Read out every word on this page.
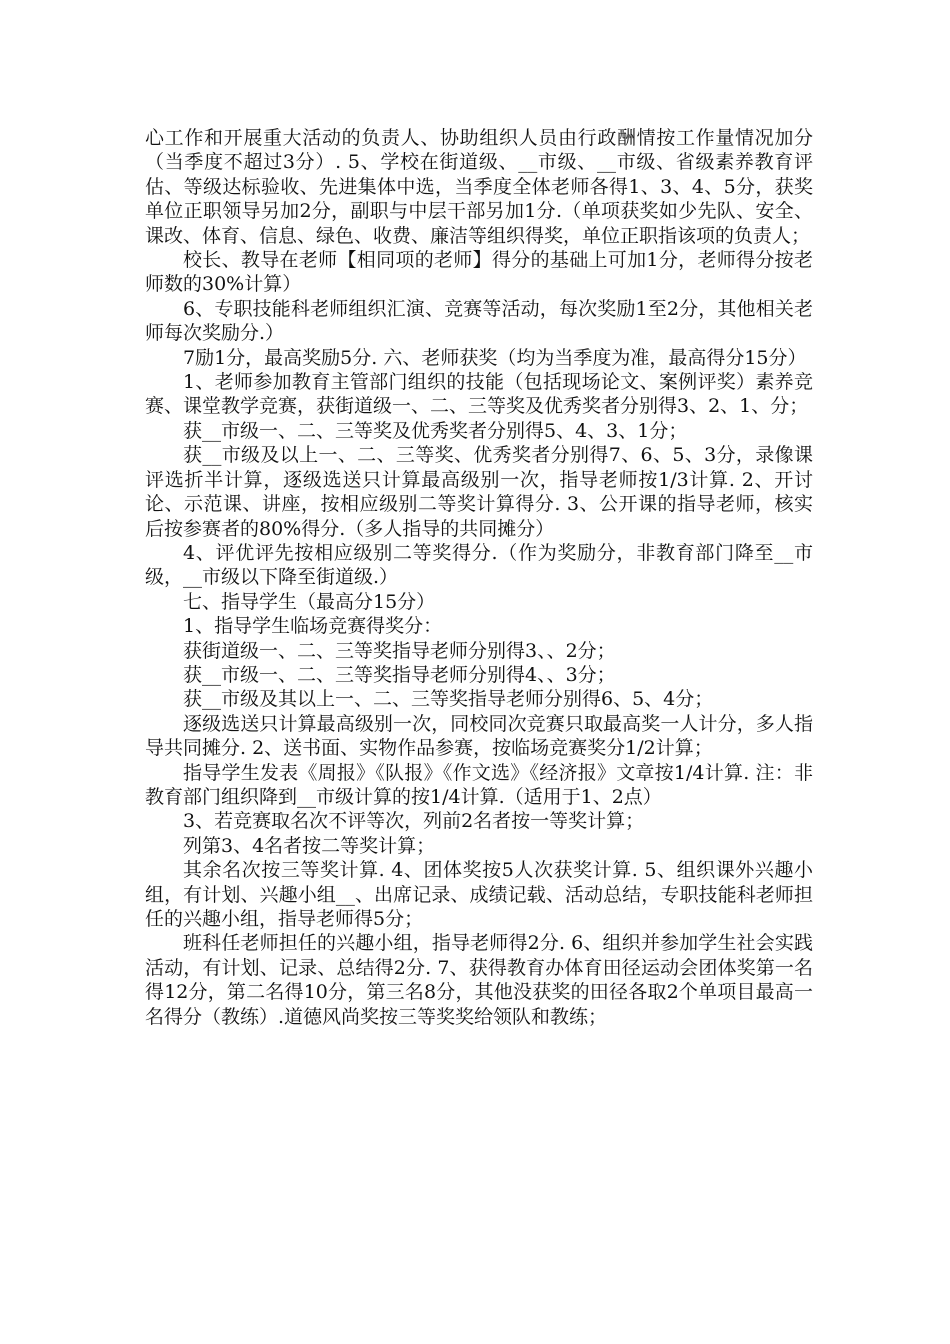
心工作和开展重大活动的负责人、协助组织人员由行政酬情按工作量情况加分（当季度不超过3分）. 5、学校在街道级、__市级、__市级、省级素养教育评估、等级达标验收、先进集体中选，当季度全体老师各得1、3、4、5分，获奖单位正职领导另加2分，副职与中层干部另加1分.（单项获奖如少先队、安全、课改、体育、信息、绿色、收费、廉洁等组织得奖，单位正职指该项的负责人；

校长、教导在老师【相同项的老师】得分的基础上可加1分，老师得分按老师数的30%计算）

6、专职技能科老师组织汇演、竞赛等活动，每次奖励1至2分，其他相关老师每次奖励分.）

7励1分，最高奖励5分. 六、老师获奖（均为当季度为准，最高得分15分）

1、老师参加教育主管部门组织的技能（包括现场论文、案例评奖）素养竞赛、课堂教学竞赛，获街道级一、二、三等奖及优秀奖者分别得3、2、1、分；

获__市级一、二、三等奖及优秀奖者分别得5、4、3、1分；

获__市级及以上一、二、三等奖、优秀奖者分别得7、6、5、3分，录像课评选折半计算，逐级选送只计算最高级别一次，指导老师按1/3计算. 2、开讨论、示范课、讲座，按相应级别二等奖计算得分. 3、公开课的指导老师，核实后按参赛者的80%得分.（多人指导的共同摊分）

4、评优评先按相应级别二等奖得分.（作为奖励分，非教育部门降至__市级，__市级以下降至街道级.）

七、指导学生（最高分15分）

1、指导学生临场竞赛得奖分：

获街道级一、二、三等奖指导老师分别得3、、2分；

获__市级一、二、三等奖指导老师分别得4、、3分；

获__市级及其以上一、二、三等奖指导老师分别得6、5、4分；

逐级选送只计算最高级别一次，同校同次竞赛只取最高奖一人计分，多人指导共同摊分. 2、送书面、实物作品参赛，按临场竞赛奖分1/2计算；

指导学生发表《周报》《队报》《作文选》《经济报》文章按1/4计算. 注：非教育部门组织降到__市级计算的按1/4计算.（适用于1、2点）

3、若竞赛取名次不评等次，列前2名者按一等奖计算；

列第3、4名者按二等奖计算；

其余名次按三等奖计算. 4、团体奖按5人次获奖计算. 5、组织课外兴趣小组，有计划、兴趣小组__、出席记录、成绩记载、活动总结，专职技能科老师担任的兴趣小组，指导老师得5分；

班科任老师担任的兴趣小组，指导老师得2分. 6、组织并参加学生社会实践活动，有计划、记录、总结得2分. 7、获得教育办体育田径运动会团体奖第一名得12分，第二名得10分，第三名8分，其他没获奖的田径各取2个单项目最高一名得分（教练）.道德风尚奖按三等奖奖给领队和教练；
